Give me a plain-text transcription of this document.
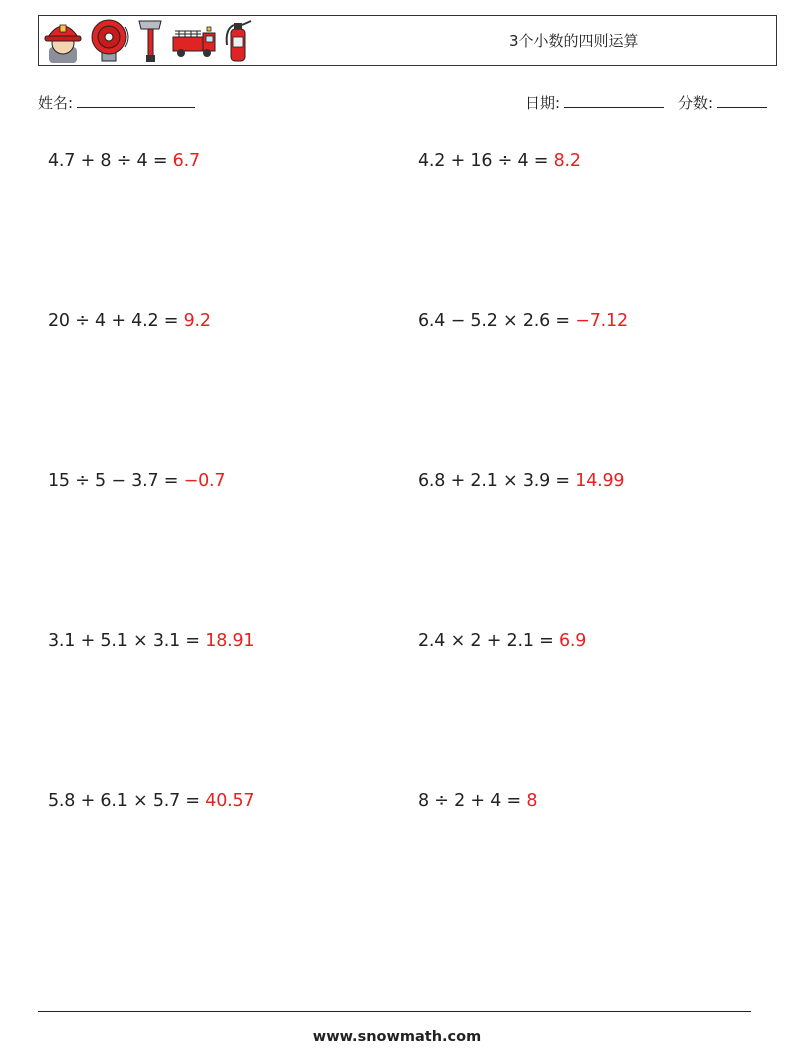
3个小数的四则运算
姓名:	日期:	分数:
4.7 + 8 ÷ 4 = 6.7	4.2 + 16 ÷ 4 = 8.2
20 ÷ 4 + 4.2 = 9.2	6.4 − 5.2 × 2.6 = −7.12
15 ÷ 5 − 3.7 = −0.7	6.8 + 2.1 × 3.9 = 14.99
3.1 + 5.1 × 3.1 = 18.91	2.4 × 2 + 2.1 = 6.9
5.8 + 6.1 × 5.7 = 40.57	8 ÷ 2 + 4 = 8
www.snowmath.com
